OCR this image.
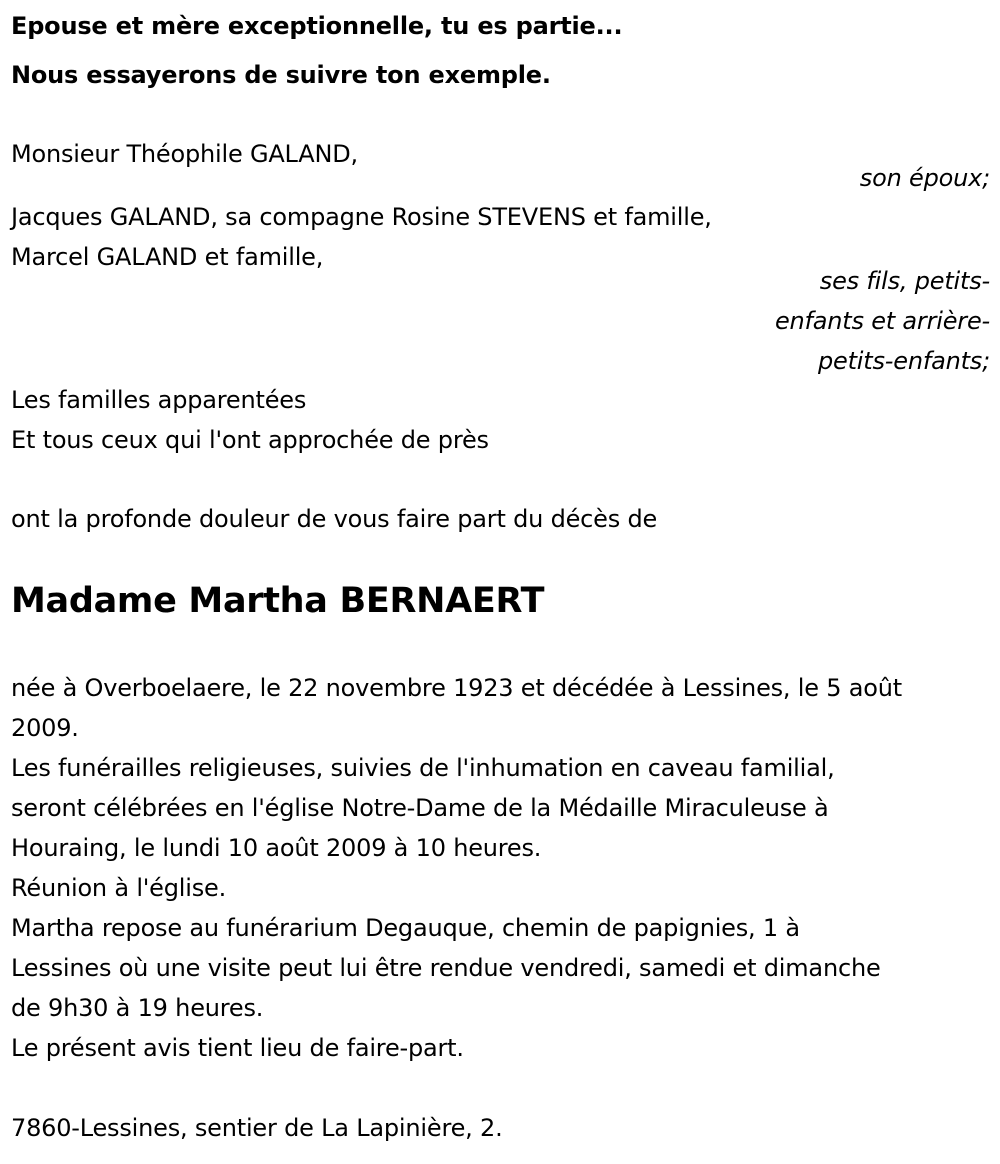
Epouse et mère exceptionnelle, tu es partie...
Nous essayerons de suivre ton exemple.
Monsieur Théophile GALAND,
son époux;
Jacques GALAND, sa compagne Rosine STEVENS et famille,
Marcel GALAND et famille,
ses fils, petits-
enfants et arrière-
petits-enfants;
Les familles apparentées
Et tous ceux qui l'ont approchée de près
ont la profonde douleur de vous faire part du décès de
Madame Martha BERNAERT
née à Overboelaere, le 22 novembre 1923 et décédée à Lessines, le 5 août
2009.
Les funérailles religieuses, suivies de l'inhumation en caveau familial,
seront célébrées en l'église Notre-Dame de la Médaille Miraculeuse à
Houraing, le lundi 10 août 2009 à 10 heures.
Réunion à l'église.
Martha repose au funérarium Degauque, chemin de papignies, 1 à
Lessines où une visite peut lui être rendue vendredi, samedi et dimanche
de 9h30 à 19 heures.
Le présent avis tient lieu de faire-part.
7860-Lessines, sentier de La Lapinière, 2.
